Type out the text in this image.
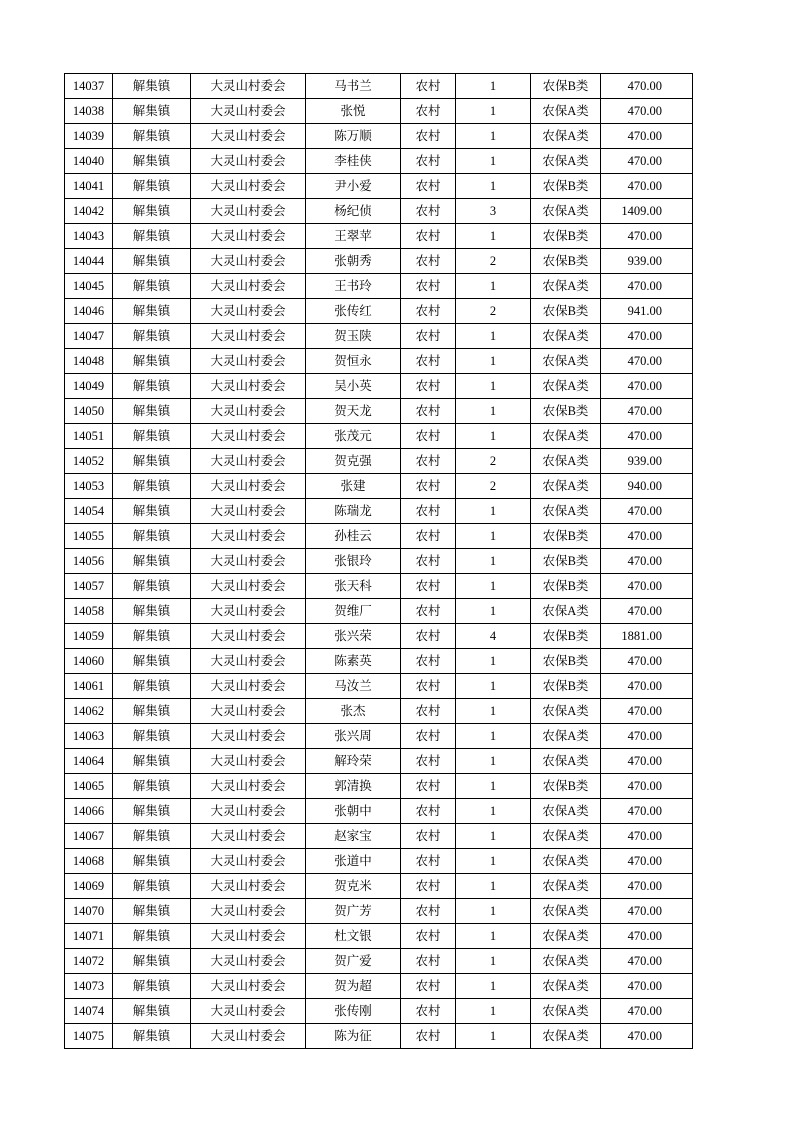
14037	解集镇	大灵山村委会	马书兰	农村	1	农保B类	470.00
14038	解集镇	大灵山村委会	张悦	农村	1	农保A类	470.00
14039	解集镇	大灵山村委会	陈万顺	农村	1	农保A类	470.00
14040	解集镇	大灵山村委会	李桂侠	农村	1	农保A类	470.00
14041	解集镇	大灵山村委会	尹小爱	农村	1	农保B类	470.00
14042	解集镇	大灵山村委会	杨纪侦	农村	3	农保A类	1409.00
14043	解集镇	大灵山村委会	王翠苹	农村	1	农保B类	470.00
14044	解集镇	大灵山村委会	张朝秀	农村	2	农保B类	939.00
14045	解集镇	大灵山村委会	王书玲	农村	1	农保A类	470.00
14046	解集镇	大灵山村委会	张传红	农村	2	农保B类	941.00
14047	解集镇	大灵山村委会	贺玉陕	农村	1	农保A类	470.00
14048	解集镇	大灵山村委会	贺恒永	农村	1	农保A类	470.00
14049	解集镇	大灵山村委会	吴小英	农村	1	农保A类	470.00
14050	解集镇	大灵山村委会	贺天龙	农村	1	农保B类	470.00
14051	解集镇	大灵山村委会	张茂元	农村	1	农保A类	470.00
14052	解集镇	大灵山村委会	贺克强	农村	2	农保A类	939.00
14053	解集镇	大灵山村委会	张建	农村	2	农保A类	940.00
14054	解集镇	大灵山村委会	陈瑞龙	农村	1	农保A类	470.00
14055	解集镇	大灵山村委会	孙桂云	农村	1	农保B类	470.00
14056	解集镇	大灵山村委会	张银玲	农村	1	农保B类	470.00
14057	解集镇	大灵山村委会	张天科	农村	1	农保B类	470.00
14058	解集镇	大灵山村委会	贺维厂	农村	1	农保A类	470.00
14059	解集镇	大灵山村委会	张兴荣	农村	4	农保B类	1881.00
14060	解集镇	大灵山村委会	陈素英	农村	1	农保B类	470.00
14061	解集镇	大灵山村委会	马汝兰	农村	1	农保B类	470.00
14062	解集镇	大灵山村委会	张杰	农村	1	农保A类	470.00
14063	解集镇	大灵山村委会	张兴周	农村	1	农保A类	470.00
14064	解集镇	大灵山村委会	解玲荣	农村	1	农保A类	470.00
14065	解集镇	大灵山村委会	郭清换	农村	1	农保B类	470.00
14066	解集镇	大灵山村委会	张朝中	农村	1	农保A类	470.00
14067	解集镇	大灵山村委会	赵家宝	农村	1	农保A类	470.00
14068	解集镇	大灵山村委会	张道中	农村	1	农保A类	470.00
14069	解集镇	大灵山村委会	贺克米	农村	1	农保A类	470.00
14070	解集镇	大灵山村委会	贺广芳	农村	1	农保A类	470.00
14071	解集镇	大灵山村委会	杜文银	农村	1	农保A类	470.00
14072	解集镇	大灵山村委会	贺广爱	农村	1	农保A类	470.00
14073	解集镇	大灵山村委会	贺为超	农村	1	农保A类	470.00
14074	解集镇	大灵山村委会	张传刚	农村	1	农保A类	470.00
14075	解集镇	大灵山村委会	陈为征	农村	1	农保A类	470.00
